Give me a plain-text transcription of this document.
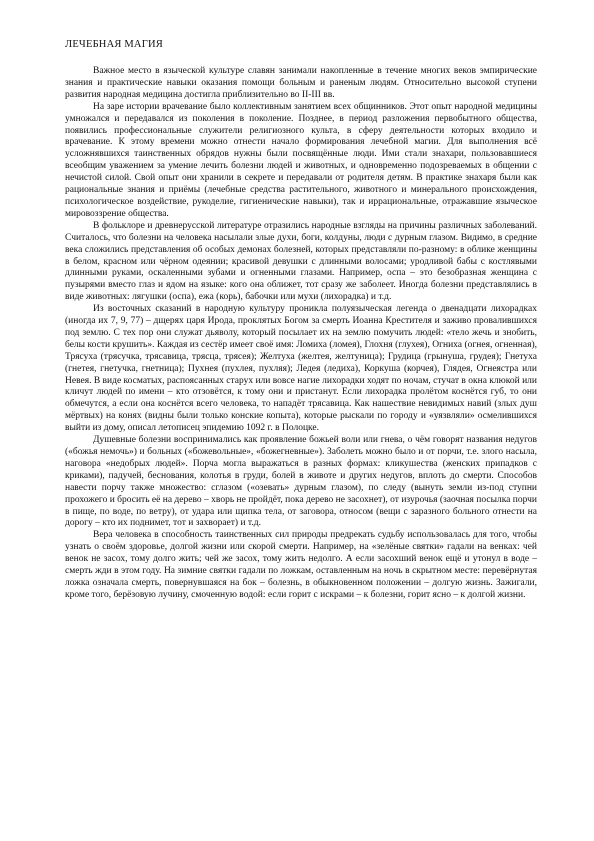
ЛЕЧЕБНАЯ МАГИЯ

Важное место в языческой культуре славян занимали накопленные в течение многих веков эмпирические знания и практические навыки оказания помощи больным и раненым людям. Относительно высокой ступени развития народная медицина достигла приблизительно во II-III вв.

На заре истории врачевание было коллективным занятием всех общинников. Этот опыт народной медицины умножался и передавался из поколения в поколение. Позднее, в период разложения первобытного общества, появились профессиональные служители религиозного культа, в сферу деятельности которых входило и врачевание. К этому времени можно отнести начало формирования лечебной магии. Для выполнения всё усложнявшихся таинственных обрядов нужны были посвящённые люди. Ими стали знахари, пользовавшиеся всеобщим уважением за умение лечить болезни людей и животных, и одновременно подозреваемых в общении с нечистой силой. Свой опыт они хранили в секрете и передавали от родителя детям. В практике знахаря были как рациональные знания и приёмы (лечебные средства растительного, животного и минерального происхождения, психологическое воздействие, рукоделие, гигиенические навыки), так и иррациональные, отражавшие языческое мировоззрение общества.

В фольклоре и древнерусской литературе отразились народные взгляды на причины различных заболеваний. Считалось, что болезни на человека насылали злые духи, боги, колдуны, люди с дурным глазом. Видимо, в средние века сложились представления об особых демонах болезней, которых представляли по-разному: в облике женщины в белом, красном или чёрном одеянии; красивой девушки с длинными волосами; уродливой бабы с костлявыми длинными руками, оскаленными зубами и огненными глазами. Например, оспа – это безобразная женщина с пузырями вместо глаз и ядом на языке: кого она оближет, тот сразу же заболеет. Иногда болезни представлялись в виде животных: лягушки (оспа), ежа (корь), бабочки или мухи (лихорадка) и т.д.

Из восточных сказаний в народную культуру проникла полуязыческая легенда о двенадцати лихорадках (иногда их 7, 9, 77) – дщерях царя Ирода, проклятых Богом за смерть Иоанна Крестителя и заживо провалившихся под землю. С тех пор они служат дьяволу, который посылает их на землю помучить людей: «тело жечь и знобить, белы кости крушить». Каждая из сестёр имеет своё имя: Ломиха (ломея), Глохня (глухея), Огниха (огнея, огненная), Трясуха (трясучка, трясавица, трясца, трясея); Желтуха (желтея, желтуница); Грудица (грынуша, грудея); Гнетуха (гнетея, гнетучка, гнетница); Пухнея (пухлея, пухляя); Ледея (ледиха), Коркуша (корчея), Глядея, Огнеястра или Невея. В виде косматых, распоясанных старух или вовсе нагие лихорадки ходят по ночам, стучат в окна клюкой или кличут людей по имени – кто отзовётся, к тому они и пристанут. Если лихорадка пролётом коснётся губ, то они обмечутся, а если она коснётся всего человека, то нападёт трясавица. Как нашествие невидимых навий (злых душ мёртвых) на конях (видны были только конские копыта), которые рыскали по городу и «уязвляли» осмелившихся выйти из дому, описал летописец эпидемию 1092 г. в Полоцке.

Душевные болезни воспринимались как проявление божьей воли или гнева, о чём говорят названия недугов («божья немочь») и больных («божевольные», «божегневные»). Заболеть можно было и от порчи, т.е. злого насыла, наговора «недобрых людей». Порча могла выражаться в разных формах: кликушества (женских припадков с криками), падучей, беснования, колотья в груди, болей в животе и других недугов, вплоть до смерти. Способов навести порчу также множество: сглазом («озевать» дурным глазом), по следу (вынуть земли из-под ступни прохожего и бросить её на дерево – хворь не пройдёт, пока дерево не засохнет), от изурочья (заочная посылка порчи в пище, по воде, по ветру), от удара или щипка тела, от заговора, относом (вещи с заразного больного отнести на дорогу – кто их поднимет, тот и захворает) и т.д.

Вера человека в способность таинственных сил природы предрекать судьбу использовалась для того, чтобы узнать о своём здоровье, долгой жизни или скорой смерти. Например, на «зелёные святки» гадали на венках: чей венок не засох, тому долго жить; чей же засох, тому жить недолго. А если засохший венок ещё и утонул в воде – смерть жди в этом году. На зимние святки гадали по ложкам, оставленным на ночь в скрытном месте: перевёрнутая ложка означала смерть, повернувшаяся на бок – болезнь, в обыкновенном положении – долгую жизнь. Зажигали, кроме того, берёзовую лучину, смоченную водой: если горит с искрами – к болезни, горит ясно – к долгой жизни.
